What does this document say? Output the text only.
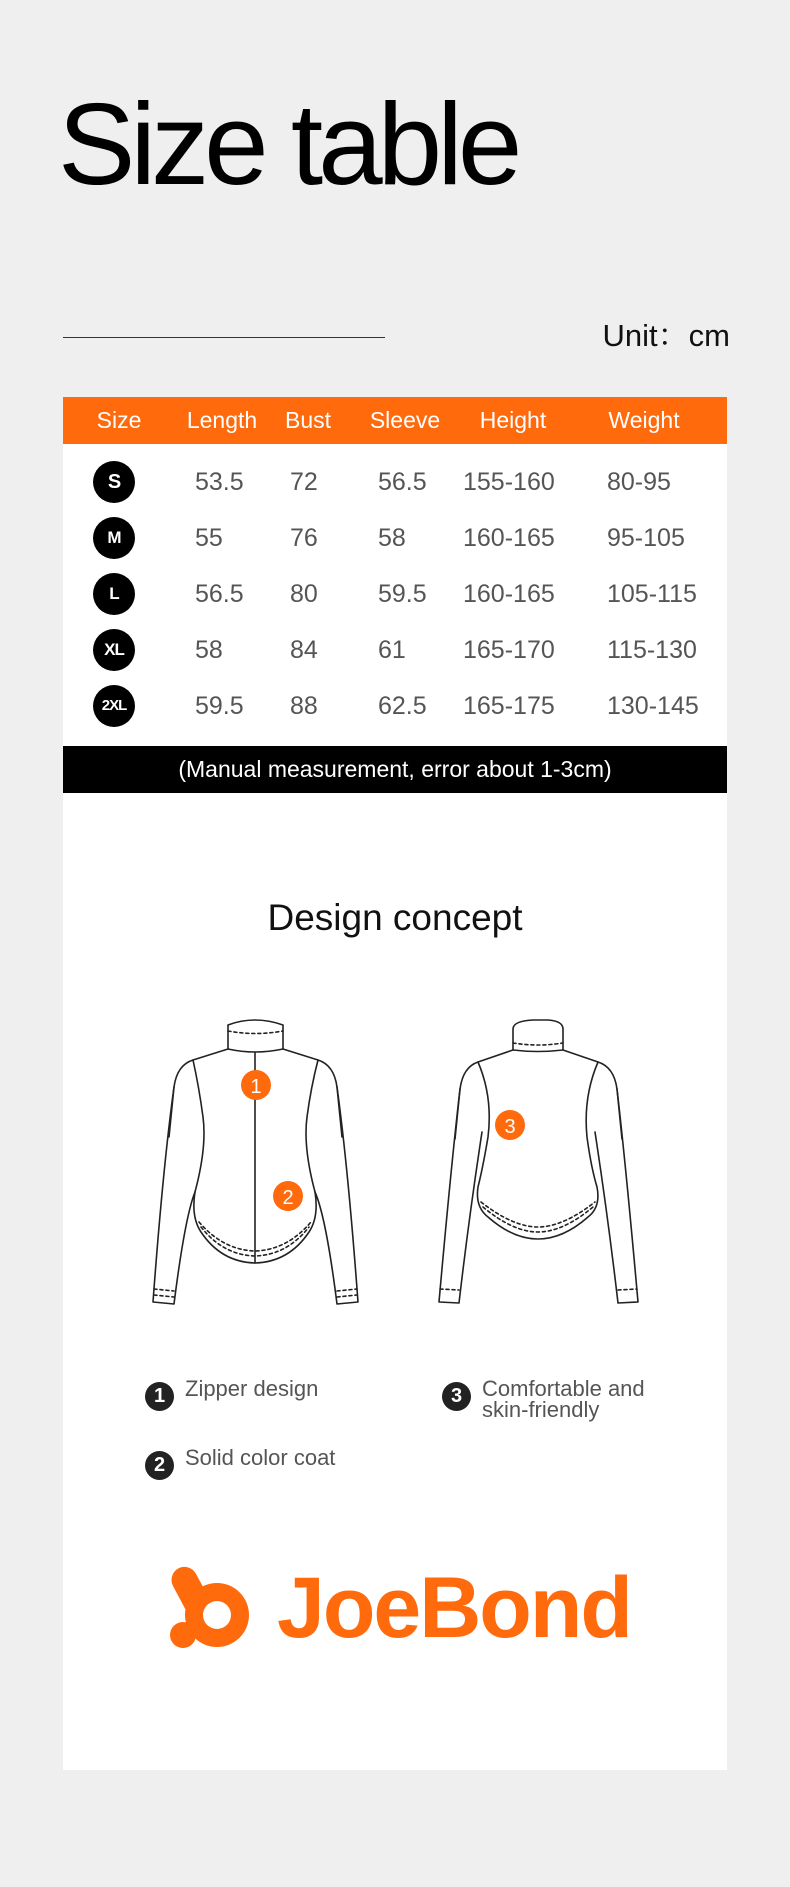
Size table
Unit：cm
Size Length Bust Sleeve Height	Weight
S	53.5 72 56.5 155-160 80-95
M	55	76 58 160-165 95-105
L	56.5 80 59.5 160-165 105-115
XL	58	84 61 165-170 115-130
2XL	59.5 88 62.5 165-175 130-145
(Manual measurement, error about 1-3cm)
Design concept
1
2
3
1 Zipper design
2 Solid color coat
3 Comfortable and
skin-friendly
JoeBond
